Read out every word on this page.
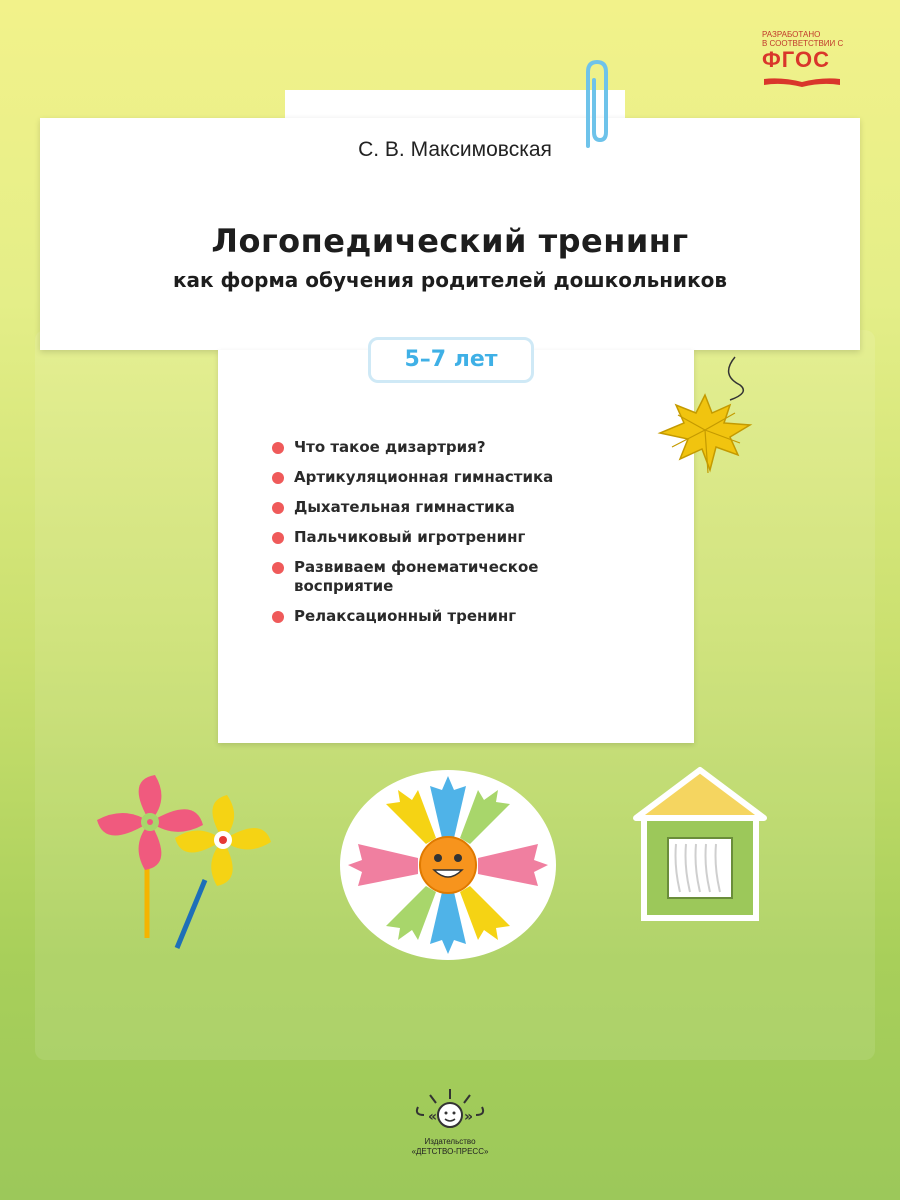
РАЗРАБОТАНО
В СООТВЕТСТВИИ С
ФГОС
С. В. Максимовская
Логопедический тренинг
как форма обучения родителей дошкольников
5–7 лет
Что такое дизартрия?
Артикуляционная гимнастика
Дыхательная гимнастика
Пальчиковый игротренинг
Развиваем фонематическое восприятие
Релаксационный тренинг
« »
Издательство
«ДЕТСТВО-ПРЕСС»
